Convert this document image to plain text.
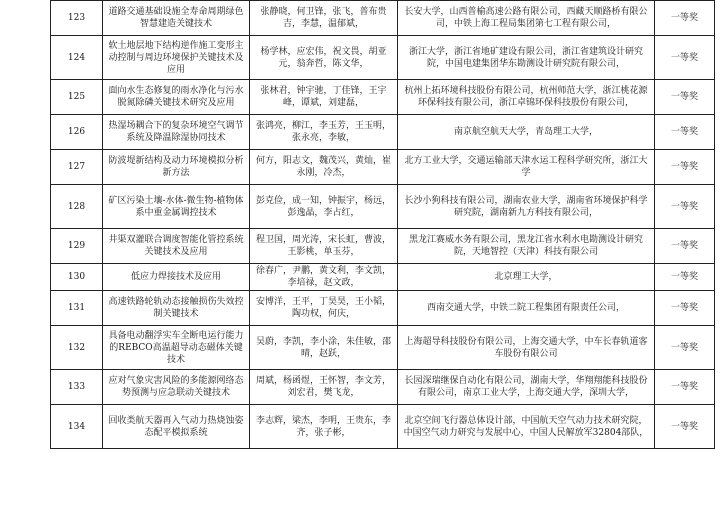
123	道路交通基础设施全寿命周期绿色智慧建造关键技术	张静晓，何卫锋，张飞，普布贵吉，李慧，温郁斌，	长安大学，山西普榆高速公路有限公司，西藏天顺路桥有限公司，中铁上海工程局集团第七工程有限公司，	一等奖
124	软土地层地下结构逆作施工变形主动控制与周边环境保护关键技术及应用	杨学林，应宏伟，祝文畏，胡亚元，翁奔哲，陈文华，	浙江大学，浙江省地矿建设有限公司，浙江省建筑设计研究院，中国电建集团华东勘测设计研究院有限公司，	一等奖
125	面向水生态修复的雨水净化与污水脱氮除磷关键技术研究及应用	张林君，钟宇驰，丁佳锋，王宇峰，谭斌，刘建磊，	杭州上拓环境科技股份有限公司，杭州师范大学，浙江桃花源环保科技有限公司，浙江卓锦环保科技股份有限公司，	一等奖
126	热湿场耦合下的复杂环境空气调节系统及降温除湿协同技术	张鸿亮，柳江，李玉芳，王玉明，张永亮，李敏，	南京航空航天大学，青岛理工大学，	一等奖
127	防波堤新结构及动力环境模拟分析新方法	何方，阳志文，魏茂兴，黄灿，崔永刚，冷杰，	北方工业大学，交通运输部天津水运工程科学研究所，浙江大学	一等奖
128	矿区污染土壤-水体-微生物-植物体系中重金属调控技术	彭克俭，成一知，钟振宇，杨远，彭逸晶，李占红，	长沙小狗科技有限公司，湖南农业大学，湖南省环境保护科学研究院，湖南新九方科技有限公司，	一等奖
129	井渠双灌联合调度智能化管控系统关键技术及应用	程卫国，周光涛，宋长虹，曹波，王影桃，单玉芬，	黑龙江赛威水务有限公司，黑龙江省水利水电勘测设计研究院，天地智控（天津）科技有限公司	一等奖
130	低应力焊接技术及应用	徐春广，尹鹏，黄文利，李文凯，李培禄，赵文政，	北京理工大学，	一等奖
131	高速铁路轮轨动态接触损伤失效控制关键技术	安博洋，王平，丁昊昊，王小韬，陶功权，何庆，	西南交通大学，中铁二院工程集团有限责任公司，	一等奖
132	具备电动翻浮实车全断电运行能力的REBCO高温超导动态磁体关键技术	吴蔚，李凯，李小涂，朱佳敏，邵晴，赵跃，	上海超导科技股份有限公司，上海交通大学，中车长春轨道客车股份有限公司	一等奖
133	应对气象灾害风险的多能源网络态势预测与应急联动关键技术	周斌，杨函煜，王怀智，李文芳，刘宏君，樊飞龙，	长园深瑞继保自动化有限公司，湖南大学，华翔翔能科技股份有限公司，南京工业大学，上海交通大学，深圳大学，	一等奖
134	回收类航天器再入气动力热烧蚀姿态配平模拟系统	李志辉，梁杰，李明，王贵东，李齐，张子彬，	北京空间飞行器总体设计部，中国航天空气动力技术研究院，中国空气动力研究与发展中心，中国人民解放军32804部队，	一等奖
